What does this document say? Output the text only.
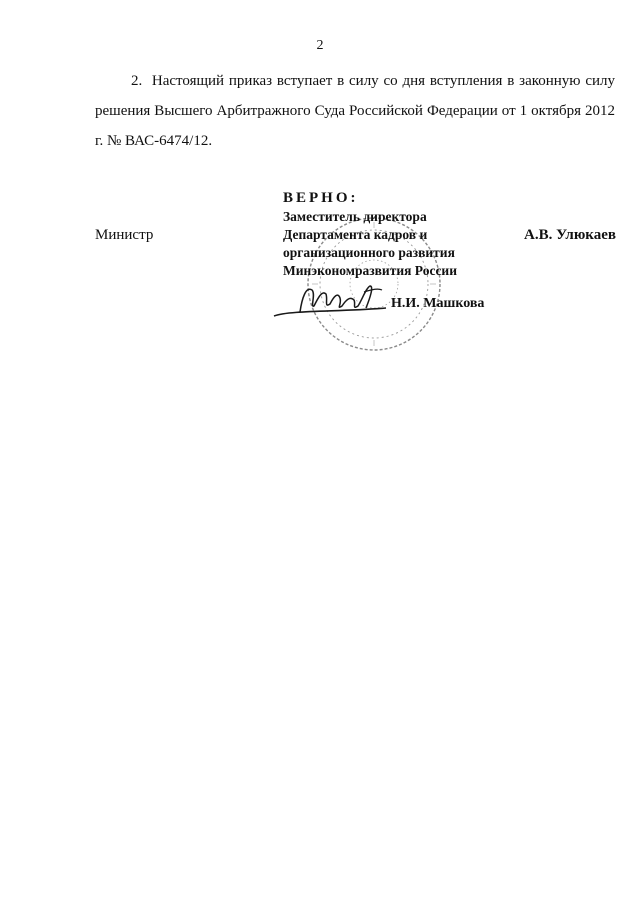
2

2.  Настоящий приказ вступает в силу со дня вступления в законную силу решения Высшего Арбитражного Суда Российской Федерации от 1 октября 2012 г. № ВАС-6474/12.

Министр	А.В. Улюкаев
ВЕРНО:
Заместитель директора
Департамента кадров и
организационного развития
Минэкономразвития России
Н.И. Машкова
